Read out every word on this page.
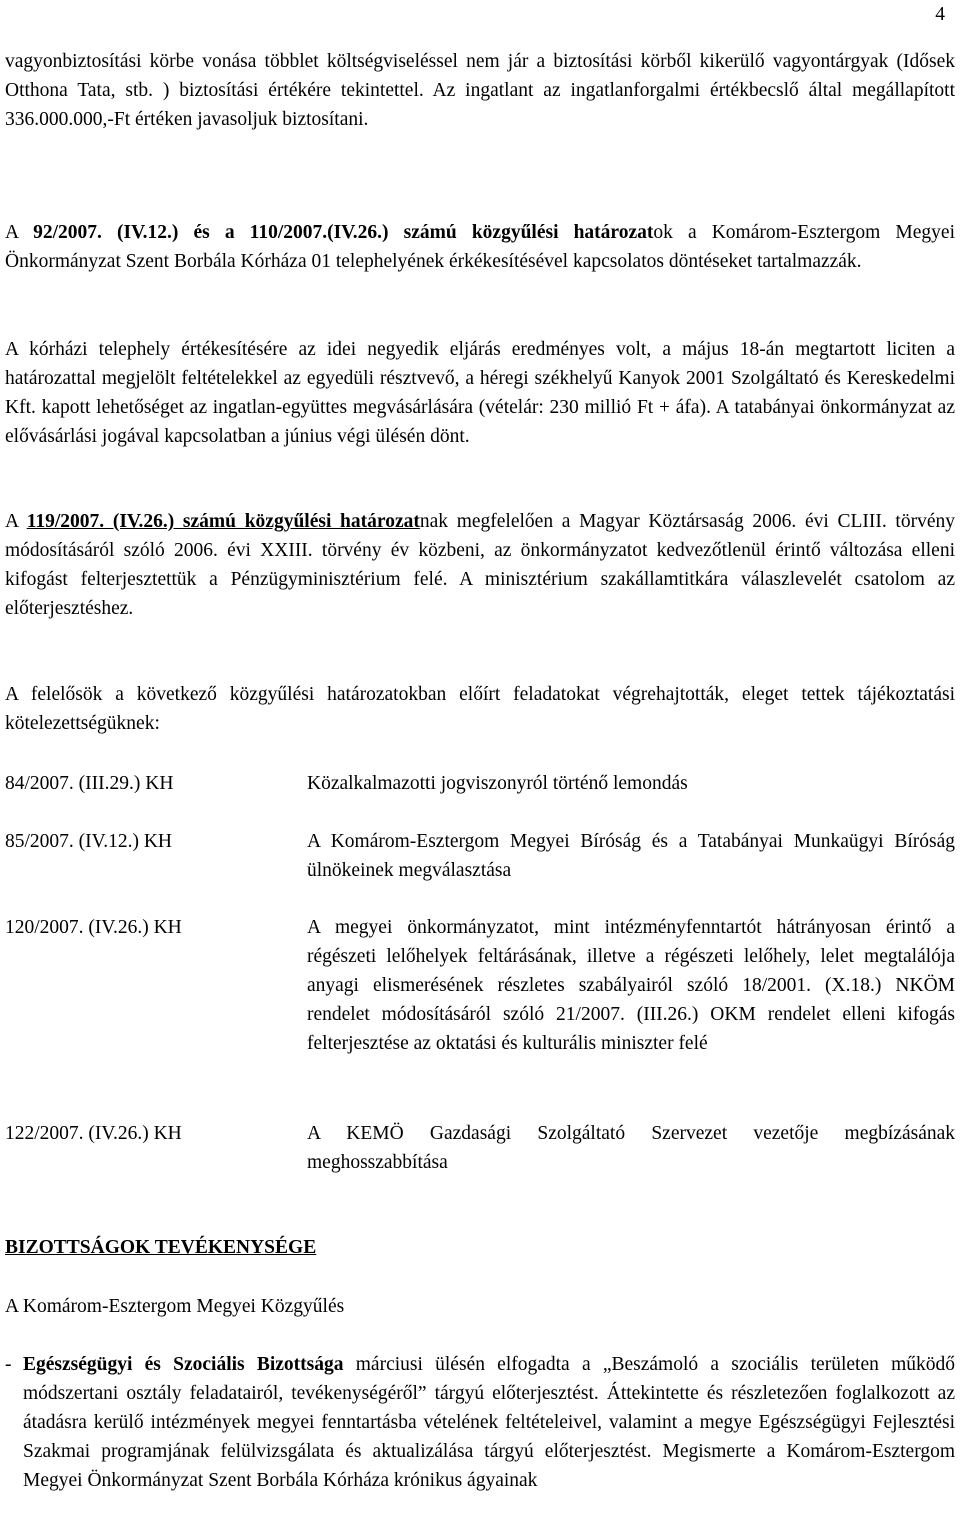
4

vagyonbiztosítási körbe vonása többlet költségviseléssel nem jár a biztosítási körből kikerülő vagyontárgyak (Idősek Otthona Tata, stb. ) biztosítási értékére tekintettel. Az ingatlant az ingatlanforgalmi értékbecslő által megállapított 336.000.000,-Ft értéken javasoljuk biztosítani.

A 92/2007. (IV.12.) és a 110/2007.(IV.26.) számú közgyűlési határozatok a Komárom-Esztergom Megyei Önkormányzat Szent Borbála Kórháza 01 telephelyének érkékesítésével kapcsolatos döntéseket tartalmazzák.

A kórházi telephely értékesítésére az idei negyedik eljárás eredményes volt, a május 18-án megtartott liciten a határozattal megjelölt feltételekkel az egyedüli résztvevő, a héregi székhelyű Kanyok 2001 Szolgáltató és Kereskedelmi Kft. kapott lehetőséget az ingatlan-együttes megvásárlására (vételár: 230 millió Ft + áfa). A tatabányai önkormányzat az elővásárlási jogával kapcsolatban a június végi ülésén dönt.

A 119/2007. (IV.26.) számú közgyűlési határozatnak megfelelően a Magyar Köztársaság 2006. évi CLIII. törvény módosításáról szóló 2006. évi XXIII. törvény év közbeni, az önkormányzatot kedvezőtlenül érintő változása elleni kifogást felterjesztettük a Pénzügyminisztérium felé. A minisztérium szakállamtitkára válaszlevelét csatolom az előterjesztéshez.

A felelősök a következő közgyűlési határozatokban előírt feladatokat végrehajtották, eleget tettek tájékoztatási kötelezettségüknek:

84/2007. (III.29.) KH	Közalkalmazotti jogviszonyról történő lemondás
85/2007. (IV.12.) KH	A Komárom-Esztergom Megyei Bíróság és a Tatabányai Munkaügyi Bíróság ülnökeinek megválasztása
120/2007. (IV.26.) KH	A megyei önkormányzatot, mint intézményfenntartót hátrányosan érintő a régészeti lelőhelyek feltárásának, illetve a régészeti lelőhely, lelet megtalálója anyagi elismerésének részletes szabályairól szóló 18/2001. (X.18.) NKÖM rendelet módosításáról szóló 21/2007. (III.26.) OKM rendelet elleni kifogás felterjesztése az oktatási és kulturális miniszter felé
122/2007. (IV.26.) KH	A KEMÖ Gazdasági Szolgáltató Szervezet vezetője megbízásának meghosszabbítása

BIZOTTSÁGOK TEVÉKENYSÉGE

A Komárom-Esztergom Megyei Közgyűlés

- Egészségügyi és Szociális Bizottsága márciusi ülésén elfogadta a „Beszámoló a szociális területen működő módszertani osztály feladatairól, tevékenységéről” tárgyú előterjesztést. Áttekintette és részletezően foglalkozott az átadásra kerülő intézmények megyei fenntartásba vételének feltételeivel, valamint a megye Egészségügyi Fejlesztési Szakmai programjának felülvizsgálata és aktualizálása tárgyú előterjesztést. Megismerte a Komárom-Esztergom Megyei Önkormányzat Szent Borbála Kórháza krónikus ágyainak
